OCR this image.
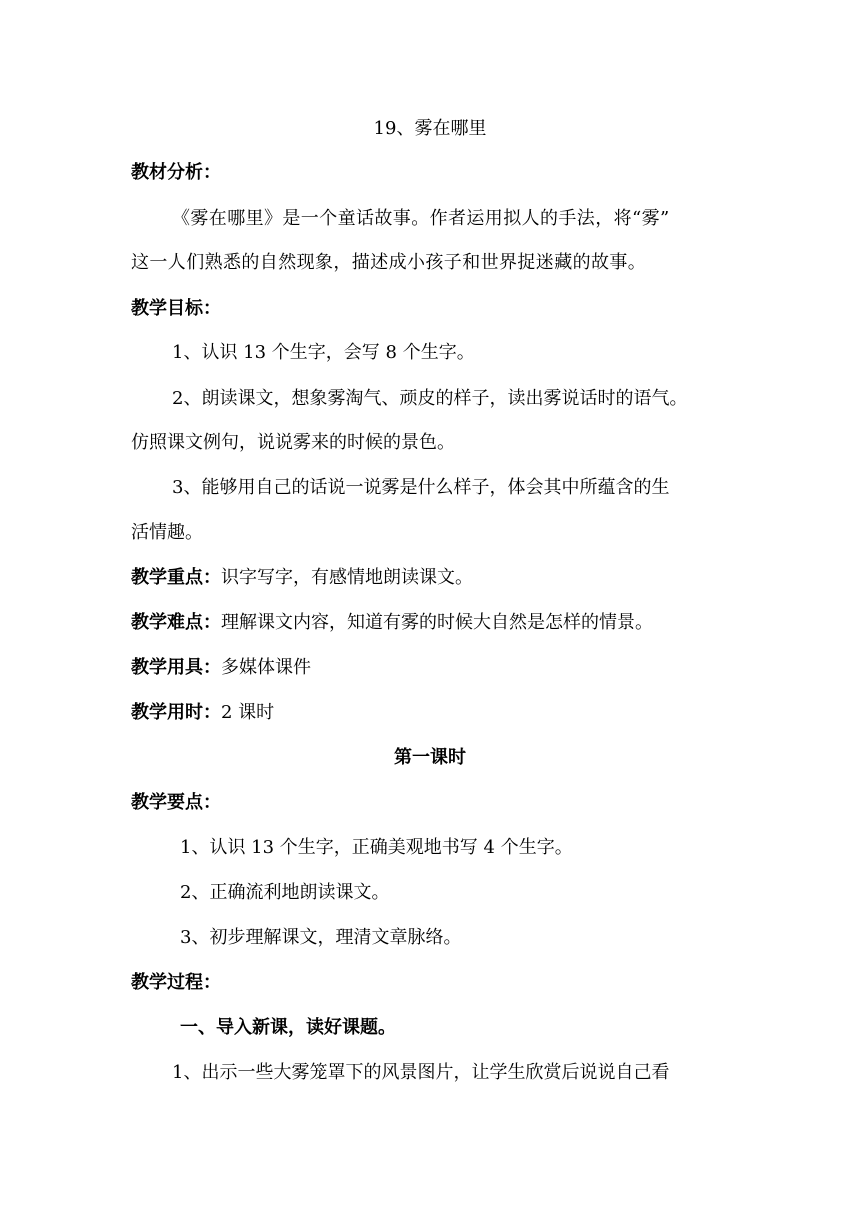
19、雾在哪里
教材分析：
《雾在哪里》是一个童话故事。作者运用拟人的手法，将“雾”
这一人们熟悉的自然现象，描述成小孩子和世界捉迷藏的故事。
教学目标：
1、认识 13 个生字，会写 8 个生字。
2、朗读课文，想象雾淘气、顽皮的样子，读出雾说话时的语气。
仿照课文例句，说说雾来的时候的景色。
3、能够用自己的话说一说雾是什么样子，体会其中所蕴含的生
活情趣。
教学重点：识字写字，有感情地朗读课文。
教学难点：理解课文内容，知道有雾的时候大自然是怎样的情景。
教学用具：多媒体课件
教学用时：2 课时
第一课时
教学要点：
1、认识 13 个生字，正确美观地书写 4 个生字。
2、正确流利地朗读课文。
3、初步理解课文，理清文章脉络。
教学过程：
一、导入新课，读好课题。
1、出示一些大雾笼罩下的风景图片，让学生欣赏后说说自己看
